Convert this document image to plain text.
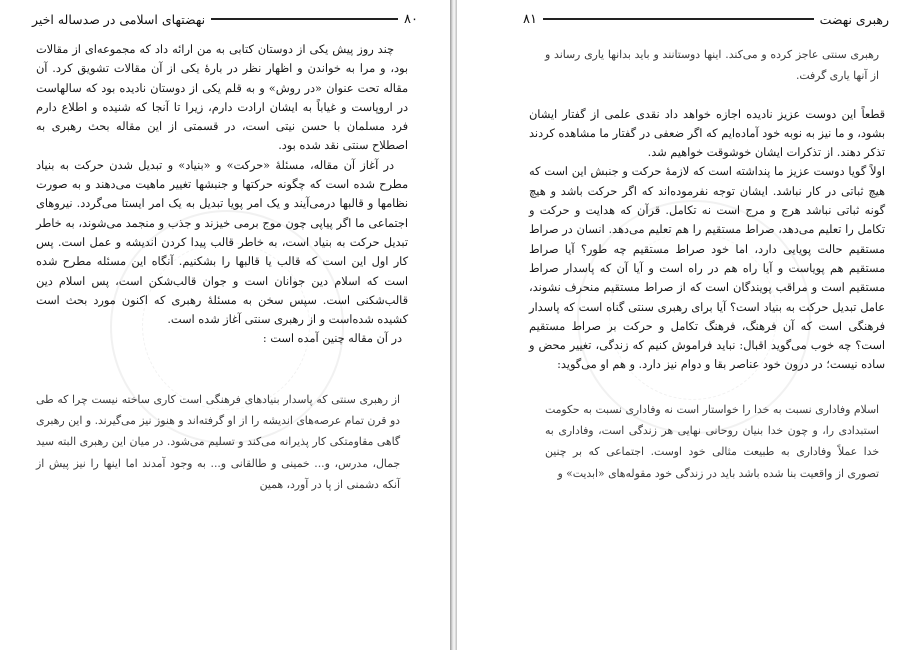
۸۰
نهضتهای اسلامی در صدساله اخیر

چند روز پیش یکی از دوستان کتابی به من ارائه داد که مجموعه‌ای از مقالات بود، و مرا به خواندن و اظهار نظر در بارهٔ یکی از آن مقالات تشویق کرد. آن مقاله تحت عنوان «در روش» و به قلم یکی از دوستان نادیده بود که سالهاست در اروپاست و غیاباً به ایشان ارادت دارم، زیرا تا آنجا که شنیده و اطلاع دارم فرد مسلمان با حسن نیتی است، در قسمتی از این مقاله بحث رهبری به اصطلاح سنتی نقد شده بود.

در آغاز آن مقاله، مسئلهٔ «حرکت» و «بنیاد» و تبدیل شدن حرکت به بنیاد مطرح شده است که چگونه حرکتها و جنبشها تغییر ماهیت می‌دهند و به صورت نظامها و قالبها درمی‌آیند و یک امر پویا تبدیل به یک امر ایستا می‌گردد. نیروهای اجتماعی ما اگر پیاپی چون موج برمی خیزند و جذب و منجمد می‌شوند، به خاطر تبدیل حرکت به بنیاد است، به خاطر قالب پیدا کردن اندیشه و عمل است. پس کار اول این است که قالب یا قالبها را بشکنیم. آنگاه این مسئله مطرح شده است که اسلام دین جوانان است و جوان قالب‌شکن است، پس اسلام دین قالب‌شکنی است. سپس سخن به مسئلهٔ رهبری که اکنون مورد بحث است کشیده شده‌است و از رهبری سنتی آغاز شده است.

در آن مقاله چنین آمده است :

از رهبری سنتی که پاسدار بنیادهای فرهنگی است کاری ساخته نیست چرا که طی دو قرن تمام عرصه‌های اندیشه را از او گرفته‌اند و هنوز نیز می‌گیرند. و این رهبری گاهی مقاومتکی کار پذیرانه می‌کند و تسلیم می‌شود. در میان این رهبری البته سید جمال، مدرس، و... خمینی و طالقانی و... به وجود آمدند اما اینها را نیز پیش از آنکه دشمنی از پا در آورد، همین

رهبری نهضت
۸۱

رهبری سنتی عاجز کرده و می‌کند. اینها دوستانند و باید بدانها یاری رساند و از آنها یاری گرفت.

قطعاً این دوست عزیز نادیده اجازه خواهد داد نقدی علمی از گفتار ایشان بشود، و ما نیز به نوبه خود آماده‌ایم که اگر ضعفی در گفتار ما مشاهده کردند تذکر دهند. از تذکرات ایشان خوشوقت خواهیم شد.

اولاً گویا دوست عزیز ما پنداشته است که لازمهٔ حرکت و جنبش این است که هیچ ثباتی در کار نباشد. ایشان توجه نفرموده‌اند که اگر حرکت باشد و هیچ گونه ثباتی نباشد هرج و مرج است نه تکامل. قرآن که هدایت و حرکت و تکامل را تعلیم می‌دهد، صراط مستقیم را هم تعلیم می‌دهد. انسان در صراط مستقیم حالت پویایی دارد، اما خود صراط مستقیم چه طور؟ آیا صراط مستقیم هم پویاست و آیا راه هم در راه است و آیا آن که پاسدار صراط مستقیم است و مراقب پویندگان است که از صراط مستقیم منحرف نشوند، عامل تبدیل حرکت به بنیاد است؟ آیا برای رهبری سنتی گناه است که پاسدار فرهنگی است که آن فرهنگ، فرهنگ تکامل و حرکت بر صراط مستقیم است؟ چه خوب می‌گوید اقبال: نباید فراموش کنیم که زندگی، تغییر محض و ساده نیست؛ در درون خود عناصر بقا و دوام نیز دارد. و هم او می‌گوید:

اسلام وفاداری نسبت به خدا را خواستار است نه وفاداری نسبت به حکومت استبدادی را، و چون خدا بنیان روحانی نهایی هر زندگی است، وفاداری به خدا عملاً وفاداری به طبیعت مثالی خود اوست. اجتماعی که بر چنین تصوری از واقعیت بنا شده باشد باید در زندگی خود مقوله‌های «ابدیت» و
